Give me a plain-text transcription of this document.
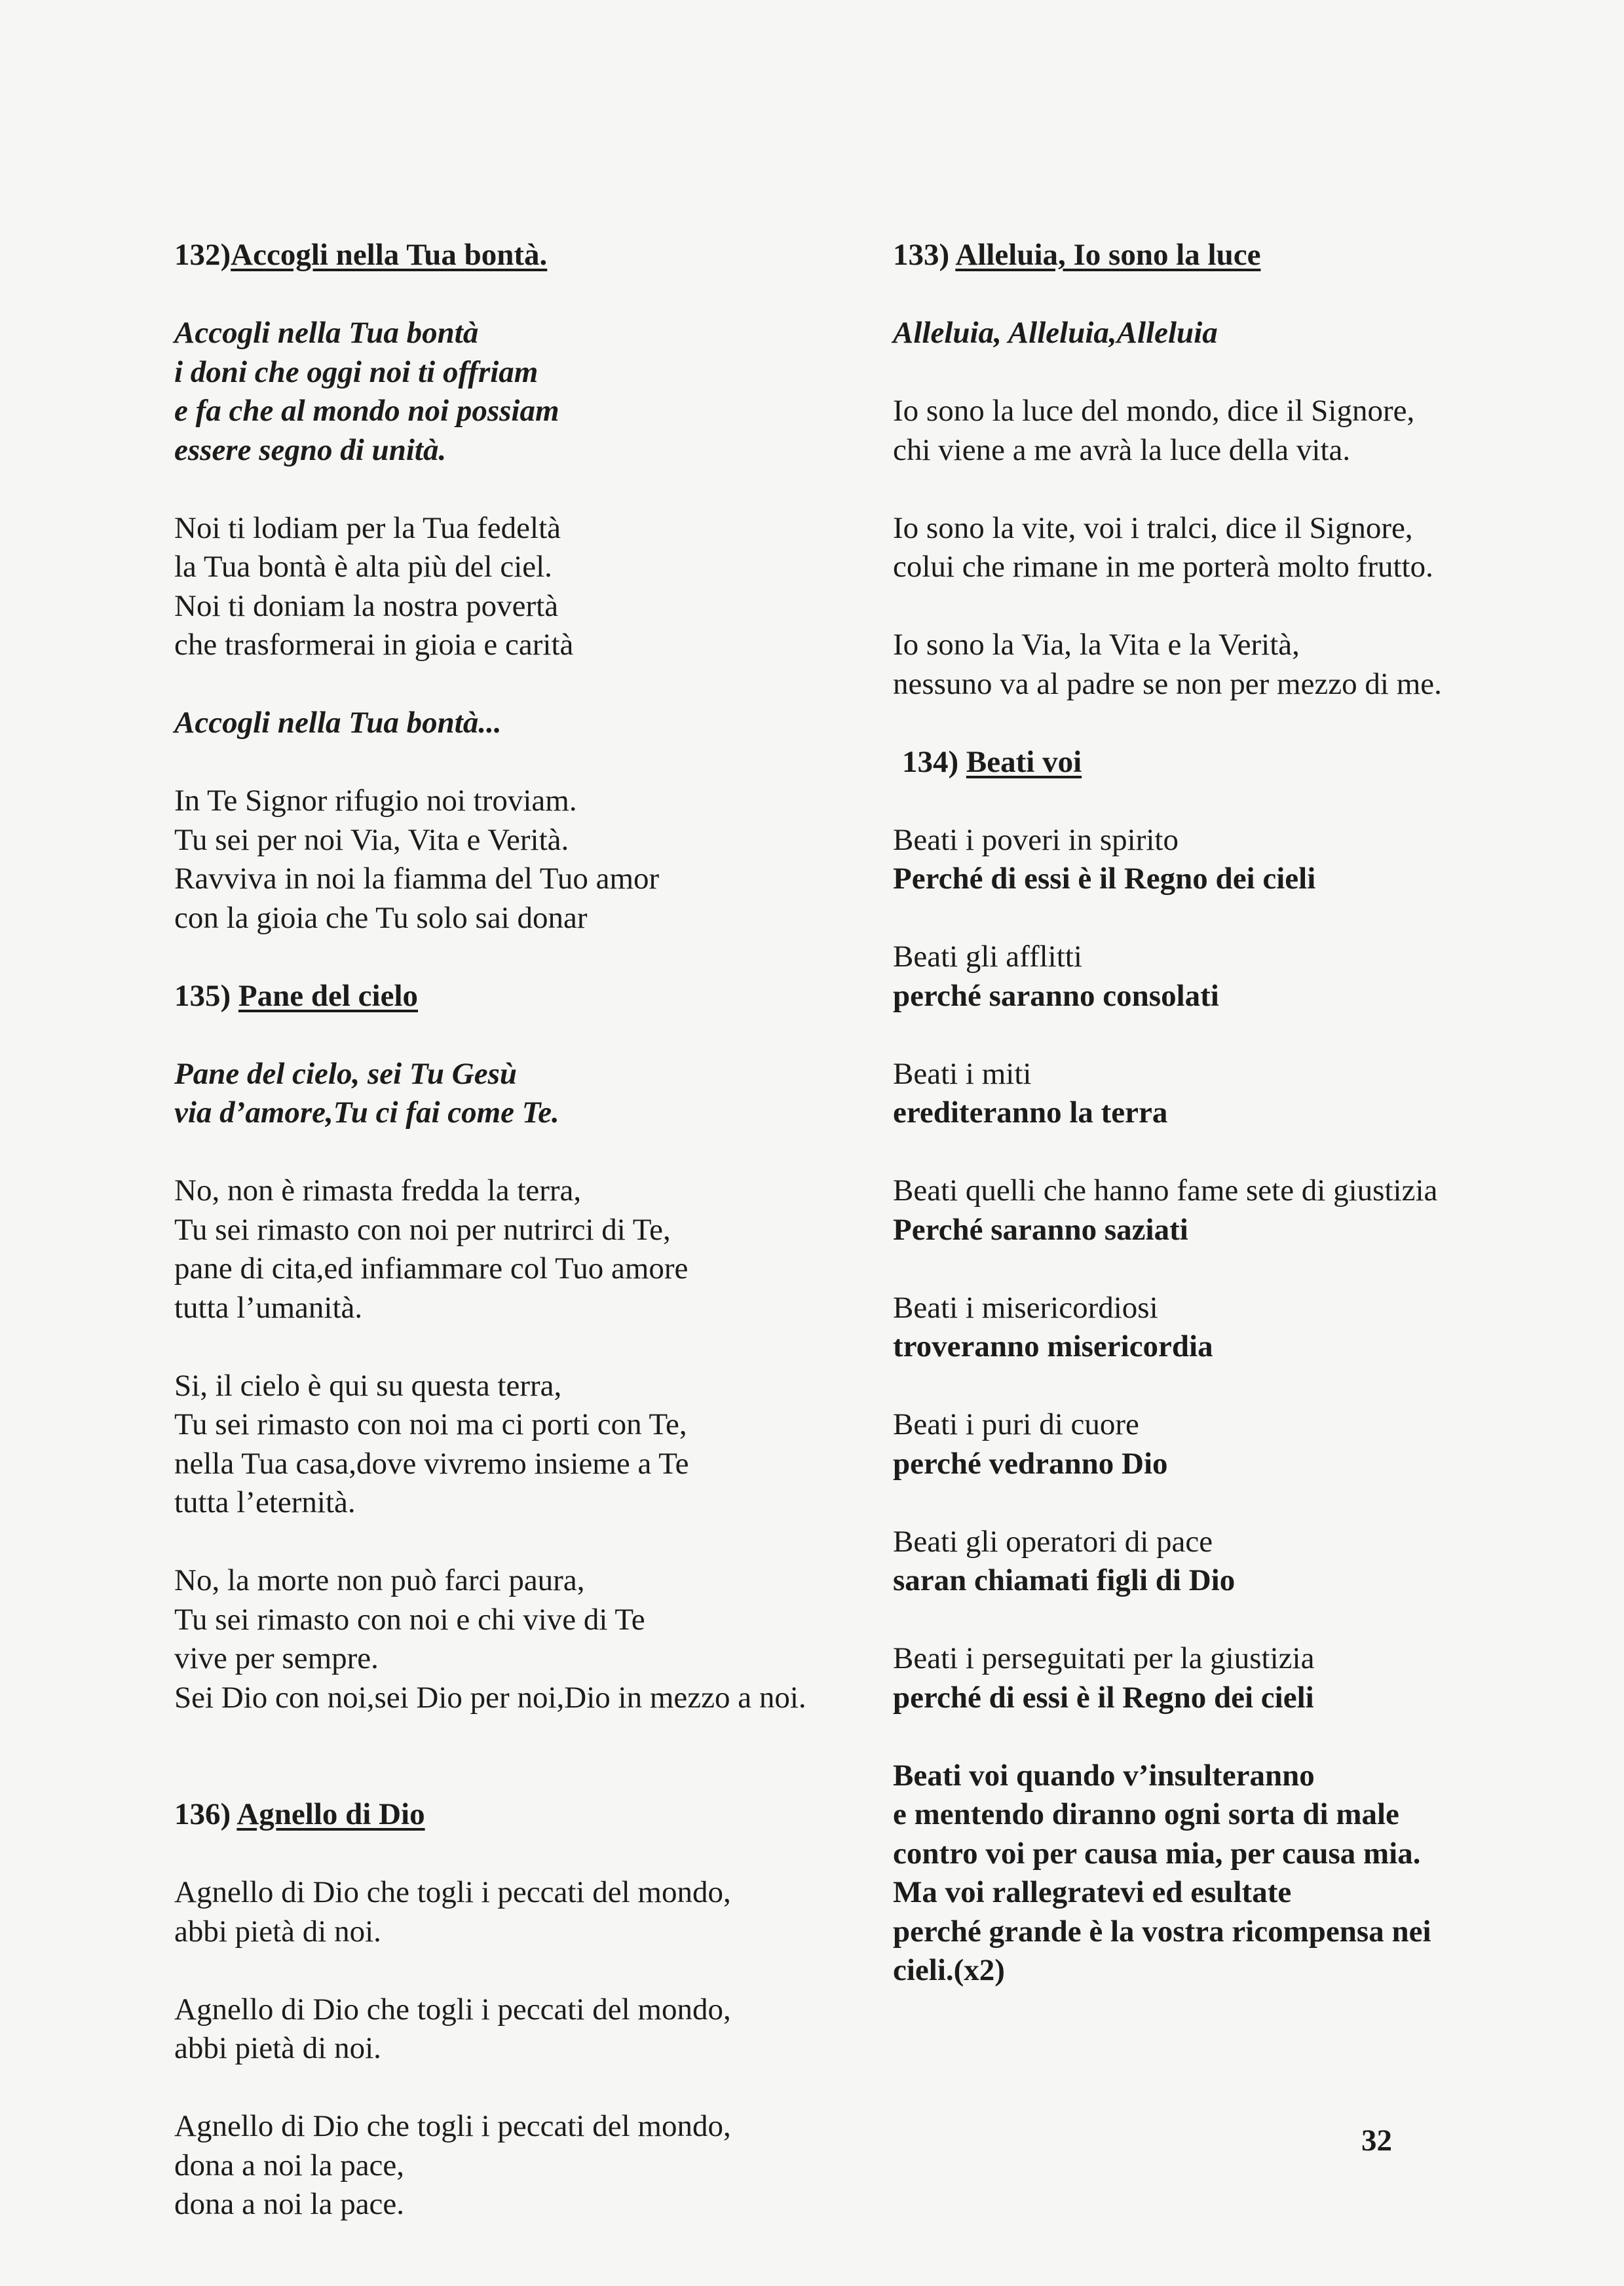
132)Accogli nella Tua bontà.

Accogli nella Tua bontà
i doni che oggi noi ti offriam
e fa che al mondo noi possiam
essere segno di unità.

Noi ti lodiam per la Tua fedeltà
la Tua bontà è alta più del ciel.
Noi ti doniam la nostra povertà
che trasformerai in gioia e carità

Accogli nella Tua bontà...

In Te Signor rifugio noi troviam.
Tu sei per noi Via, Vita e Verità.
Ravviva in noi la fiamma del Tuo amor
con la gioia che Tu solo sai donar

135) Pane del cielo

Pane del cielo, sei Tu Gesù
via d’amore,Tu ci fai come Te.

No, non è rimasta fredda la terra,
Tu sei rimasto con noi per nutrirci di Te,
pane di cita,ed infiammare col Tuo amore
tutta l’umanità.

Si, il cielo è qui su questa terra,
Tu sei rimasto con noi ma ci porti con Te,
nella Tua casa,dove vivremo insieme a Te
tutta l’eternità.

No, la morte non può farci paura,
Tu sei rimasto con noi e chi vive di Te
vive per sempre.
Sei Dio con noi,sei Dio per noi,Dio in mezzo a noi.

136) Agnello di Dio

Agnello di Dio che togli i peccati del mondo,
abbi pietà di noi.

Agnello di Dio che togli i peccati del mondo,
abbi pietà di noi.

Agnello di Dio che togli i peccati del mondo,
dona a noi la pace,
dona a noi la pace.

133) Alleluia, Io sono la luce

Alleluia, Alleluia,Alleluia

Io sono la luce del mondo, dice il Signore,
chi viene a me avrà la luce della vita.

Io sono la vite, voi i tralci, dice il Signore,
colui che rimane in me porterà molto frutto.

Io sono la Via, la Vita e la Verità,
nessuno va al padre se non per mezzo di me.

134) Beati voi

Beati i poveri in spirito
Perché di essi è il Regno dei cieli

Beati gli afflitti
perché saranno consolati

Beati i miti
erediteranno la terra

Beati quelli che hanno fame sete di giustizia
Perché saranno saziati

Beati i misericordiosi
troveranno misericordia

Beati i puri di cuore
perché vedranno Dio

Beati gli operatori di pace
saran chiamati figli di Dio

Beati i perseguitati per la giustizia
perché di essi è il Regno dei cieli

Beati voi quando v’insulteranno
e mentendo diranno ogni sorta di male
contro voi per causa mia, per causa mia.
Ma voi rallegratevi ed esultate
perché grande è la vostra ricompensa nei
cieli.(x2)

32
